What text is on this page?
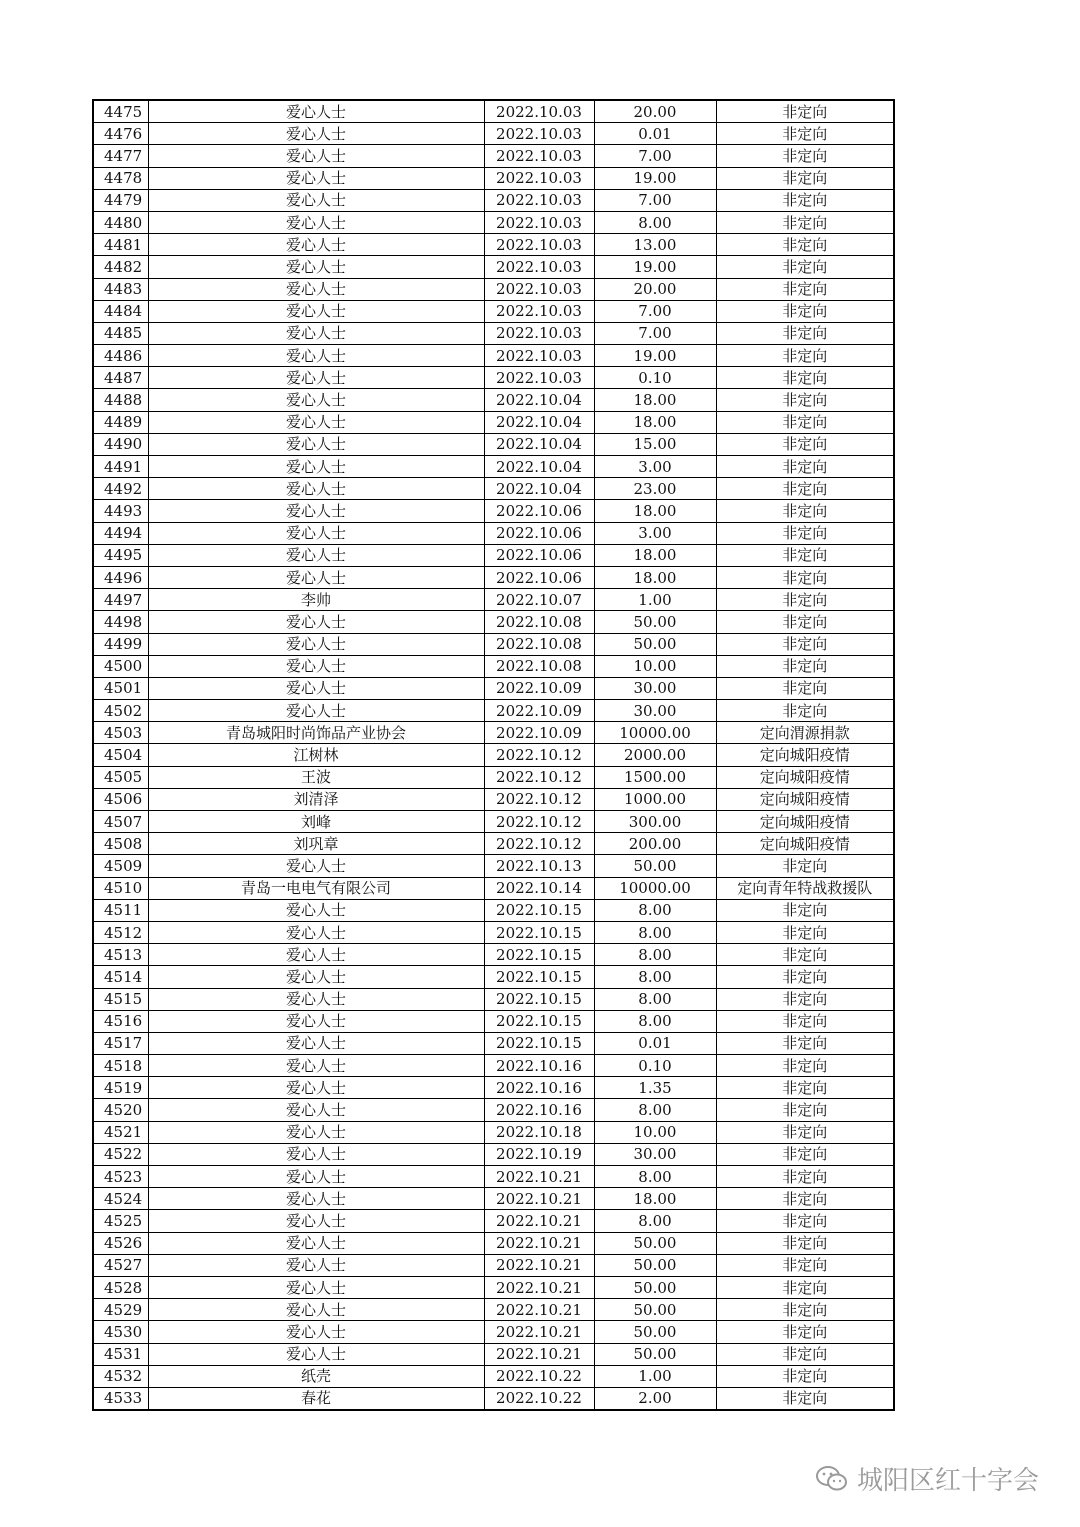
4475	爱心人士	2022.10.03	20.00	非定向
4476	爱心人士	2022.10.03	0.01	非定向
4477	爱心人士	2022.10.03	7.00	非定向
4478	爱心人士	2022.10.03	19.00	非定向
4479	爱心人士	2022.10.03	7.00	非定向
4480	爱心人士	2022.10.03	8.00	非定向
4481	爱心人士	2022.10.03	13.00	非定向
4482	爱心人士	2022.10.03	19.00	非定向
4483	爱心人士	2022.10.03	20.00	非定向
4484	爱心人士	2022.10.03	7.00	非定向
4485	爱心人士	2022.10.03	7.00	非定向
4486	爱心人士	2022.10.03	19.00	非定向
4487	爱心人士	2022.10.03	0.10	非定向
4488	爱心人士	2022.10.04	18.00	非定向
4489	爱心人士	2022.10.04	18.00	非定向
4490	爱心人士	2022.10.04	15.00	非定向
4491	爱心人士	2022.10.04	3.00	非定向
4492	爱心人士	2022.10.04	23.00	非定向
4493	爱心人士	2022.10.06	18.00	非定向
4494	爱心人士	2022.10.06	3.00	非定向
4495	爱心人士	2022.10.06	18.00	非定向
4496	爱心人士	2022.10.06	18.00	非定向
4497	李帅	2022.10.07	1.00	非定向
4498	爱心人士	2022.10.08	50.00	非定向
4499	爱心人士	2022.10.08	50.00	非定向
4500	爱心人士	2022.10.08	10.00	非定向
4501	爱心人士	2022.10.09	30.00	非定向
4502	爱心人士	2022.10.09	30.00	非定向
4503	青岛城阳时尚饰品产业协会	2022.10.09	10000.00	定向渭源捐款
4504	江树林	2022.10.12	2000.00	定向城阳疫情
4505	王波	2022.10.12	1500.00	定向城阳疫情
4506	刘清泽	2022.10.12	1000.00	定向城阳疫情
4507	刘峰	2022.10.12	300.00	定向城阳疫情
4508	刘巩章	2022.10.12	200.00	定向城阳疫情
4509	爱心人士	2022.10.13	50.00	非定向
4510	青岛一电电气有限公司	2022.10.14	10000.00	定向青年特战救援队
4511	爱心人士	2022.10.15	8.00	非定向
4512	爱心人士	2022.10.15	8.00	非定向
4513	爱心人士	2022.10.15	8.00	非定向
4514	爱心人士	2022.10.15	8.00	非定向
4515	爱心人士	2022.10.15	8.00	非定向
4516	爱心人士	2022.10.15	8.00	非定向
4517	爱心人士	2022.10.15	0.01	非定向
4518	爱心人士	2022.10.16	0.10	非定向
4519	爱心人士	2022.10.16	1.35	非定向
4520	爱心人士	2022.10.16	8.00	非定向
4521	爱心人士	2022.10.18	10.00	非定向
4522	爱心人士	2022.10.19	30.00	非定向
4523	爱心人士	2022.10.21	8.00	非定向
4524	爱心人士	2022.10.21	18.00	非定向
4525	爱心人士	2022.10.21	8.00	非定向
4526	爱心人士	2022.10.21	50.00	非定向
4527	爱心人士	2022.10.21	50.00	非定向
4528	爱心人士	2022.10.21	50.00	非定向
4529	爱心人士	2022.10.21	50.00	非定向
4530	爱心人士	2022.10.21	50.00	非定向
4531	爱心人士	2022.10.21	50.00	非定向
4532	纸壳	2022.10.22	1.00	非定向
4533	春花	2022.10.22	2.00	非定向
城阳区红十字会
